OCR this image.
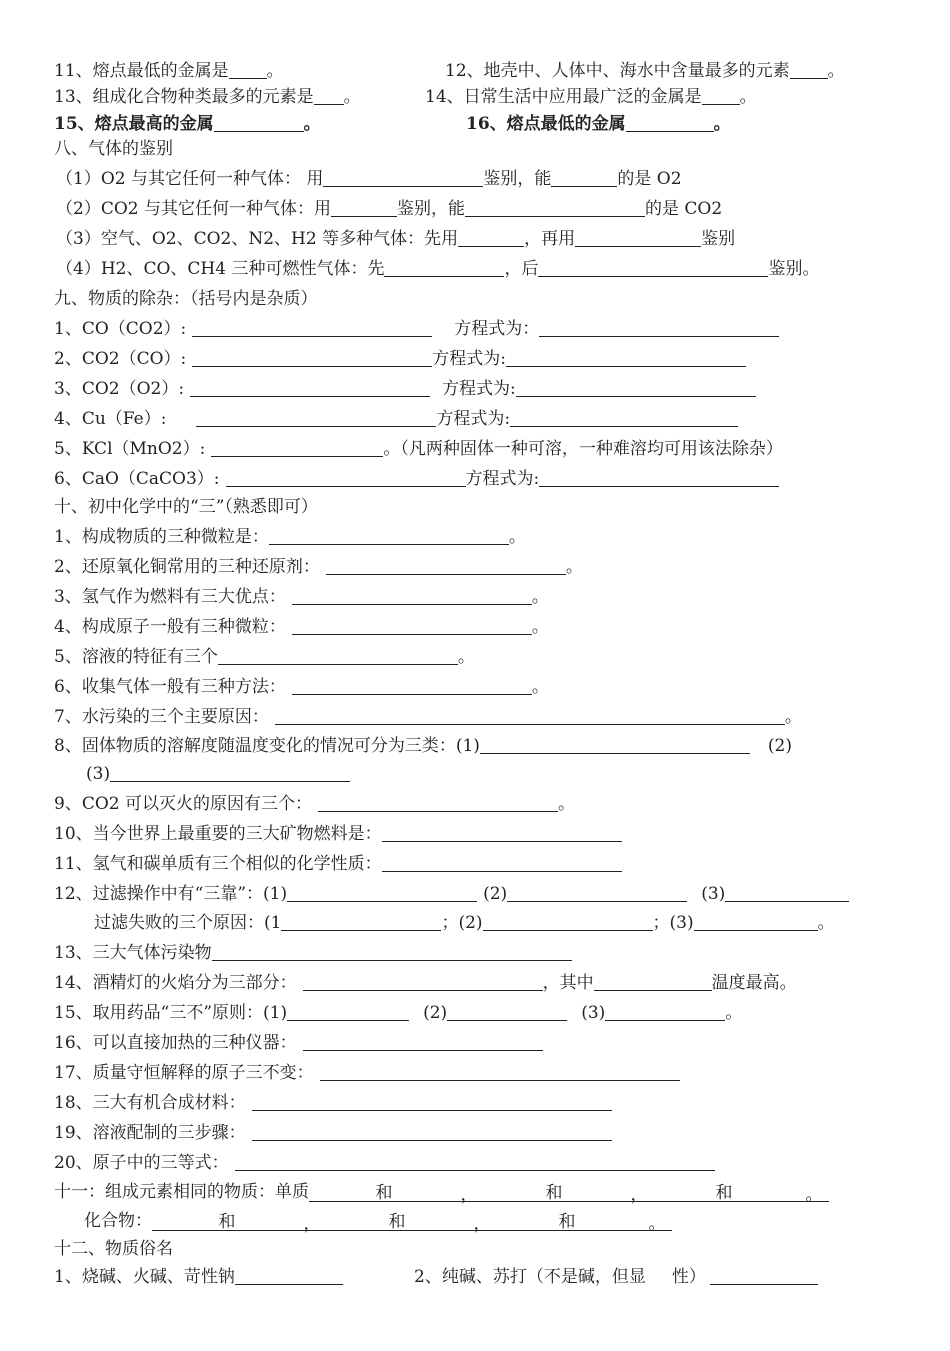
11、熔点最低的金属是 。	12、地壳中、人体中、海水中含量最多的元素 。
13、组成化合物种类最多的元素是 。	14、日常生活中应用最广泛的金属是 。
15、熔点最高的金属	。	16、熔点最低的金属	。
八、气体的鉴别
（1）O2 与其它任何一种气体： 用	鉴别，能	的是 O2
（2）CO2 与其它任何一种气体：用	鉴别，能	的是 CO2
（3）空气、O2、CO2、N2、H2 等多种气体：先用	，再用	鉴别
（4）H2、CO、CH4 三种可燃性气体：先	，后	鉴别。
九、物质的除杂：（括号内是杂质）
1、CO（CO2）:	方程式为：
2、CO2（CO）:	方程式为:
3、CO2（O2）:	方程式为:
4、Cu（Fe）:	方程式为:
5、KCl（MnO2）:	。（凡两种固体一种可溶，一种难溶均可用该法除杂）
6、CaO（CaCO3）:	方程式为:
十、初中化学中的“三”（熟悉即可）
1、构成物质的三种微粒是：	。
2、还原氧化铜常用的三种还原剂：	。
3、氢气作为燃料有三大优点：	。
4、构成原子一般有三种微粒：	。
5、溶液的特征有三个	。
6、收集气体一般有三种方法：	。
7、水污染的三个主要原因：	。
8、固体物质的溶解度随温度变化的情况可分为三类：(1)	(2)
(3)
9、CO2 可以灭火的原因有三个：	。
10、当今世界上最重要的三大矿物燃料是：
11、氢气和碳单质有三个相似的化学性质：
12、过滤操作中有“三靠”：(1)	(2)	(3)
过滤失败的三个原因：(1	；(2)	；(3)	。
13、三大气体污染物
14、酒精灯的火焰分为三部分：	，其中	温度最高。
15、取用药品“三不”原则：(1)	(2)	(3)	。
16、可以直接加热的三种仪器：
17、质量守恒解释的原子三不变：
18、三大有机合成材料：
19、溶液配制的三步骤：
20、原子中的三等式：
十一：组成元素相同的物质：单质	和	，	和	，	和	。
化合物：	和	，	和	，	和	。
十二、物质俗名
1、烧碱、火碱、苛性钠	2、纯碱、苏打（不是碱，但显 性）
